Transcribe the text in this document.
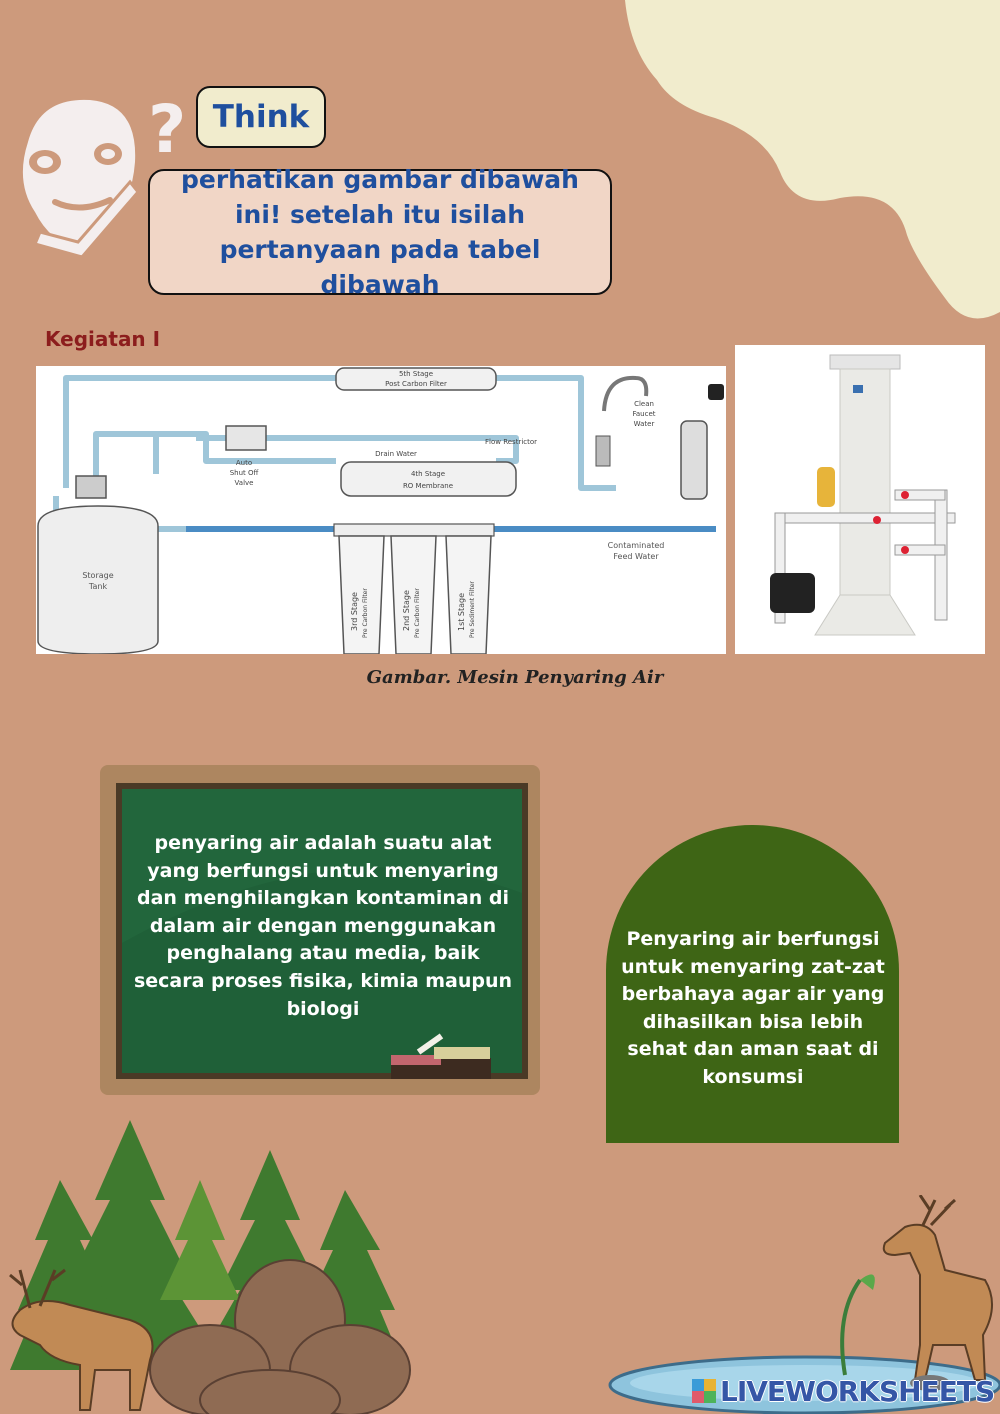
? Think
perhatikan gambar dibawah ini! setelah itu isilah pertanyaan pada tabel dibawah
Kegiatan I
5th Stage
Post Carbon Filter
Auto
Shut Off
Valve
4th Stage
RO Membrane
Drain Water
Flow Restrictor
Clean
Faucet
Water
Storage
Tank
Contaminated
Feed Water
3rd Stage Pre Carbon Filter	2nd Stage Pre Carbon Filter	1st Stage Pre Sediment Filter
Gambar. Mesin Penyaring Air
penyaring air adalah suatu alat yang berfungsi untuk menyaring dan menghilangkan kontaminan di dalam air dengan menggunakan penghalang atau media, baik secara proses fisika, kimia maupun biologi
Penyaring air berfungsi untuk menyaring zat-zat berbahaya agar air yang dihasilkan bisa lebih sehat dan aman saat di konsumsi
LIVEWORKSHEETS
